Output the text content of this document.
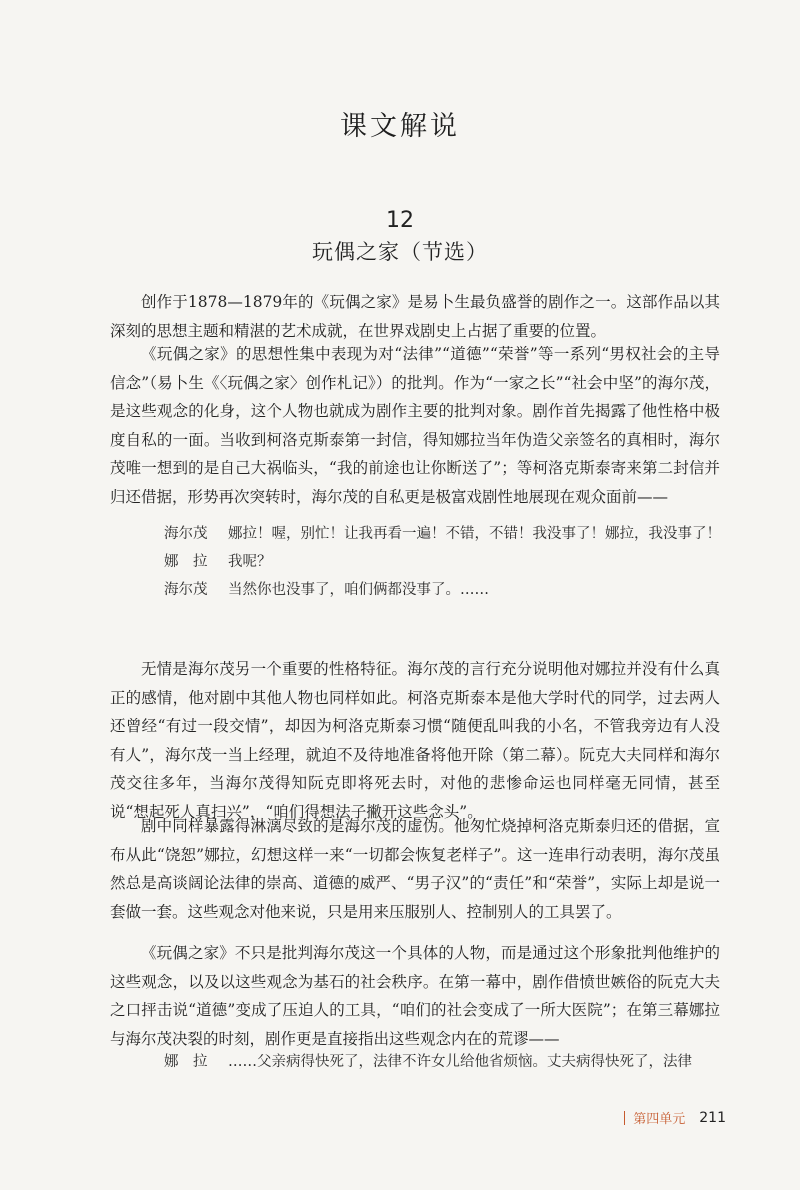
课文解说
12
玩偶之家（节选）

创作于1878—1879年的《玩偶之家》是易卜生最负盛誉的剧作之一。这部作品以其深刻的思想主题和精湛的艺术成就，在世界戏剧史上占据了重要的位置。

《玩偶之家》的思想性集中表现为对“法律”“道德”“荣誉”等一系列“男权社会的主导信念”（易卜生《〈玩偶之家〉创作札记》）的批判。作为“一家之长”“社会中坚”的海尔茂，是这些观念的化身，这个人物也就成为剧作主要的批判对象。剧作首先揭露了他性格中极度自私的一面。当收到柯洛克斯泰第一封信，得知娜拉当年伪造父亲签名的真相时，海尔茂唯一想到的是自己大祸临头，“我的前途也让你断送了”；等柯洛克斯泰寄来第二封信并归还借据，形势再次突转时，海尔茂的自私更是极富戏剧性地展现在观众面前——

海尔茂	娜拉！喔，别忙！让我再看一遍！不错，不错！我没事了！娜拉，我没事了！
娜　拉	我呢？
海尔茂	当然你也没事了，咱们俩都没事了。……

无情是海尔茂另一个重要的性格特征。海尔茂的言行充分说明他对娜拉并没有什么真正的感情，他对剧中其他人物也同样如此。柯洛克斯泰本是他大学时代的同学，过去两人还曾经“有过一段交情”，却因为柯洛克斯泰习惯“随便乱叫我的小名，不管我旁边有人没有人”，海尔茂一当上经理，就迫不及待地准备将他开除（第二幕）。阮克大夫同样和海尔茂交往多年，当海尔茂得知阮克即将死去时，对他的悲惨命运也同样毫无同情，甚至说“想起死人真扫兴”，“咱们得想法子撇开这些念头”。

剧中同样暴露得淋漓尽致的是海尔茂的虚伪。他匆忙烧掉柯洛克斯泰归还的借据，宣布从此“饶恕”娜拉，幻想这样一来“一切都会恢复老样子”。这一连串行动表明，海尔茂虽然总是高谈阔论法律的崇高、道德的威严、“男子汉”的“责任”和“荣誉”，实际上却是说一套做一套。这些观念对他来说，只是用来压服别人、控制别人的工具罢了。

《玩偶之家》不只是批判海尔茂这一个具体的人物，而是通过这个形象批判他维护的这些观念，以及以这些观念为基石的社会秩序。在第一幕中，剧作借愤世嫉俗的阮克大夫之口抨击说“道德”变成了压迫人的工具，“咱们的社会变成了一所大医院”；在第三幕娜拉与海尔茂决裂的时刻，剧作更是直接指出这些观念内在的荒谬——

娜　拉	……父亲病得快死了，法律不许女儿给他省烦恼。丈夫病得快死了，法律
第四单元 211
